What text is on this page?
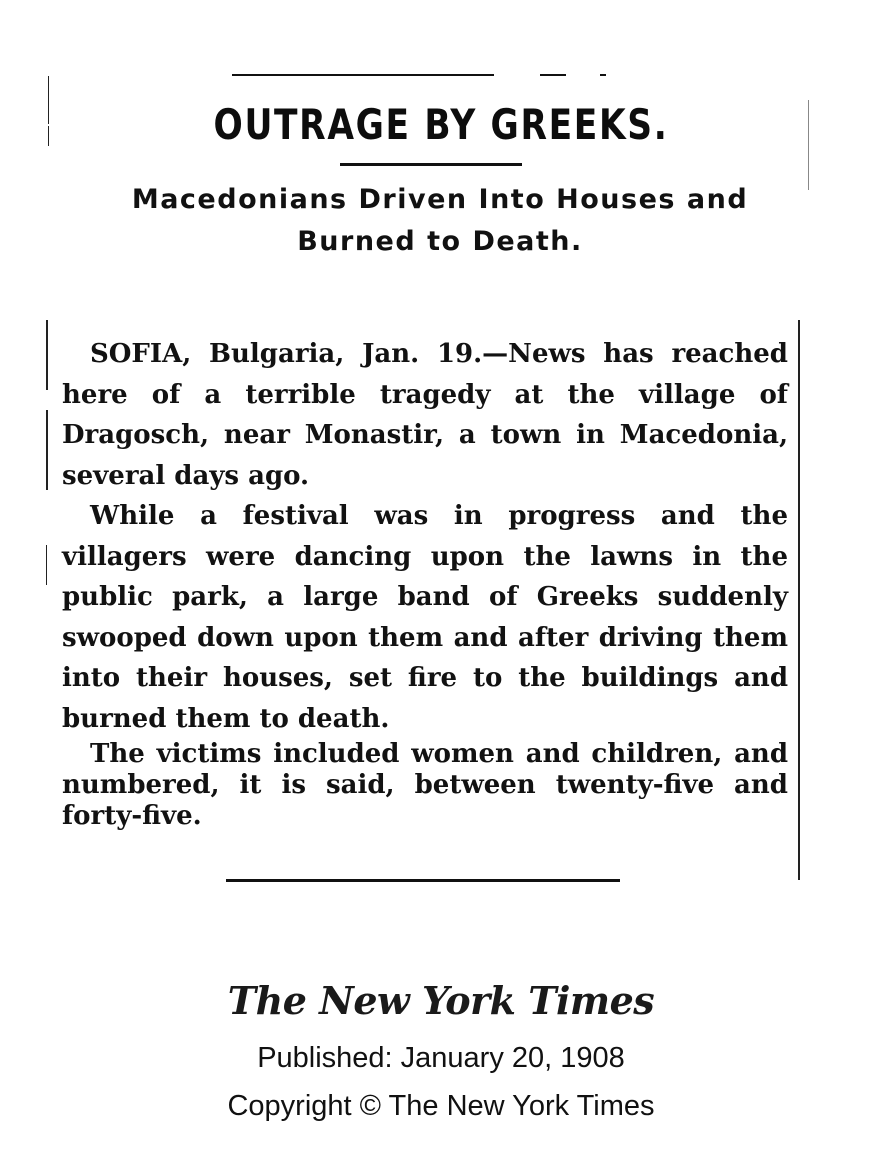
OUTRAGE BY GREEKS.
Macedonians Driven Into Houses and
Burned to Death.

SOFIA, Bulgaria, Jan. 19.—News has reached here of a terrible tragedy at the village of Dragosch, near Monastir, a town in Macedonia, several days ago.

While a festival was in progress and the villagers were dancing upon the lawns in the public park, a large band of Greeks suddenly swooped down upon them and after driving them into their houses, set fire to the buildings and burned them to death.

The victims included women and children, and numbered, it is said, between twenty-five and forty-five.

The New York Times
Published: January 20, 1908
Copyright © The New York Times
